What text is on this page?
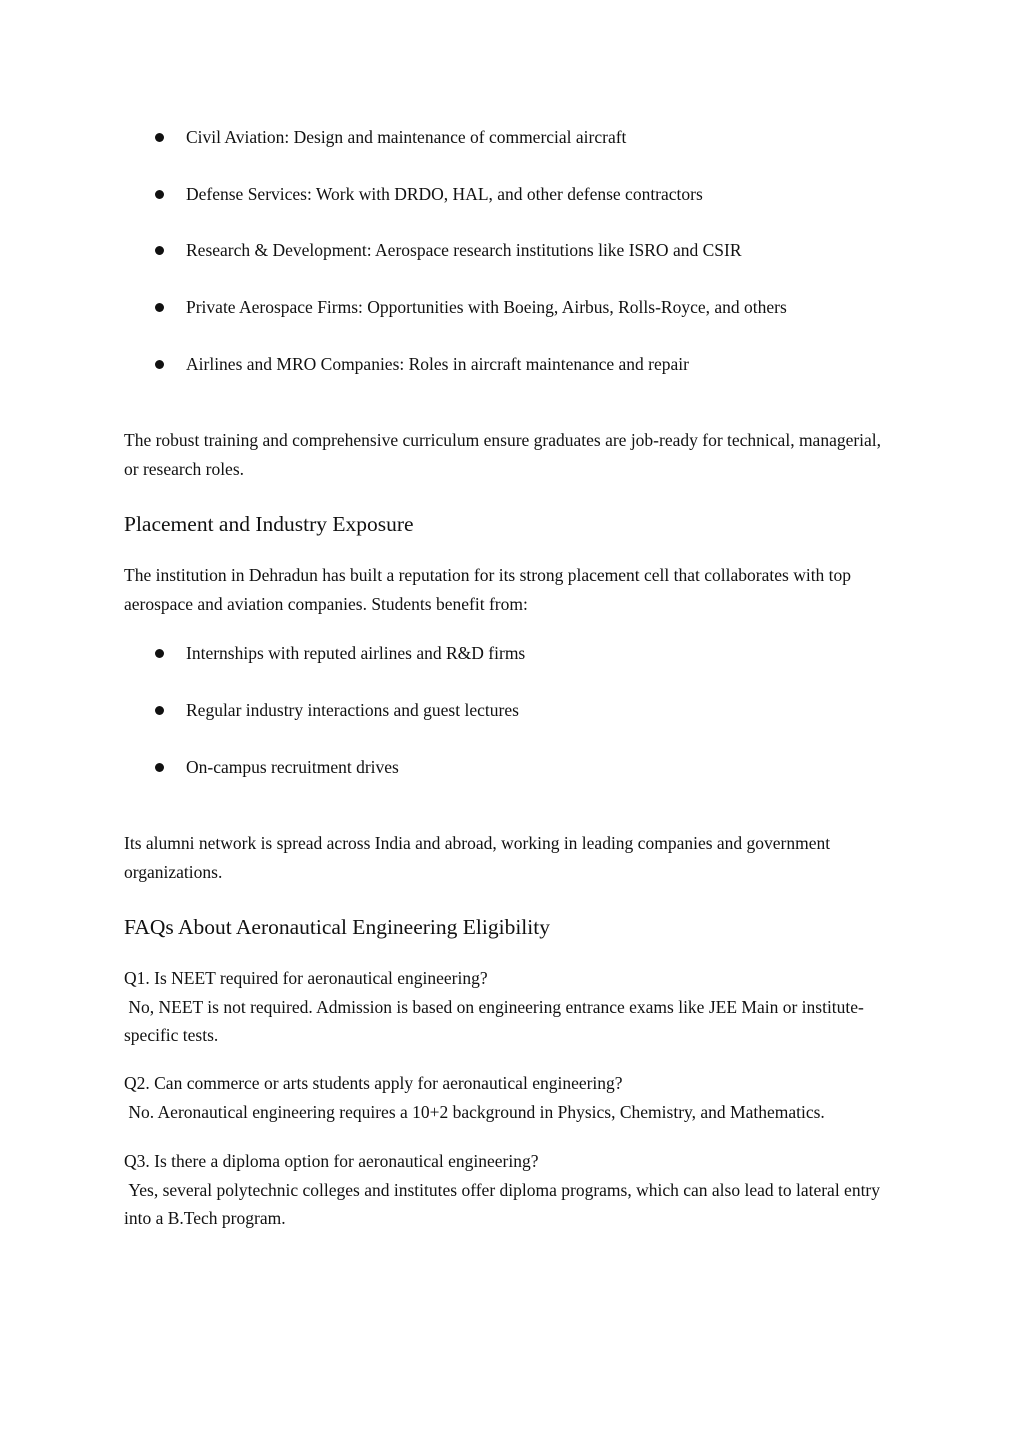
Civil Aviation: Design and maintenance of commercial aircraft
Defense Services: Work with DRDO, HAL, and other defense contractors
Research & Development: Aerospace research institutions like ISRO and CSIR
Private Aerospace Firms: Opportunities with Boeing, Airbus, Rolls-Royce, and others
Airlines and MRO Companies: Roles in aircraft maintenance and repair

The robust training and comprehensive curriculum ensure graduates are job-ready for technical, managerial, or research roles.

Placement and Industry Exposure

The institution in Dehradun has built a reputation for its strong placement cell that collaborates with top aerospace and aviation companies. Students benefit from:

Internships with reputed airlines and R&D firms
Regular industry interactions and guest lectures
On-campus recruitment drives

Its alumni network is spread across India and abroad, working in leading companies and government organizations.

FAQs About Aeronautical Engineering Eligibility
Q1. Is NEET required for aeronautical engineering?
No, NEET is not required. Admission is based on engineering entrance exams like JEE Main or institute-specific tests.
Q2. Can commerce or arts students apply for aeronautical engineering?
No. Aeronautical engineering requires a 10+2 background in Physics, Chemistry, and Mathematics.
Q3. Is there a diploma option for aeronautical engineering?
Yes, several polytechnic colleges and institutes offer diploma programs, which can also lead to lateral entry into a B.Tech program.
